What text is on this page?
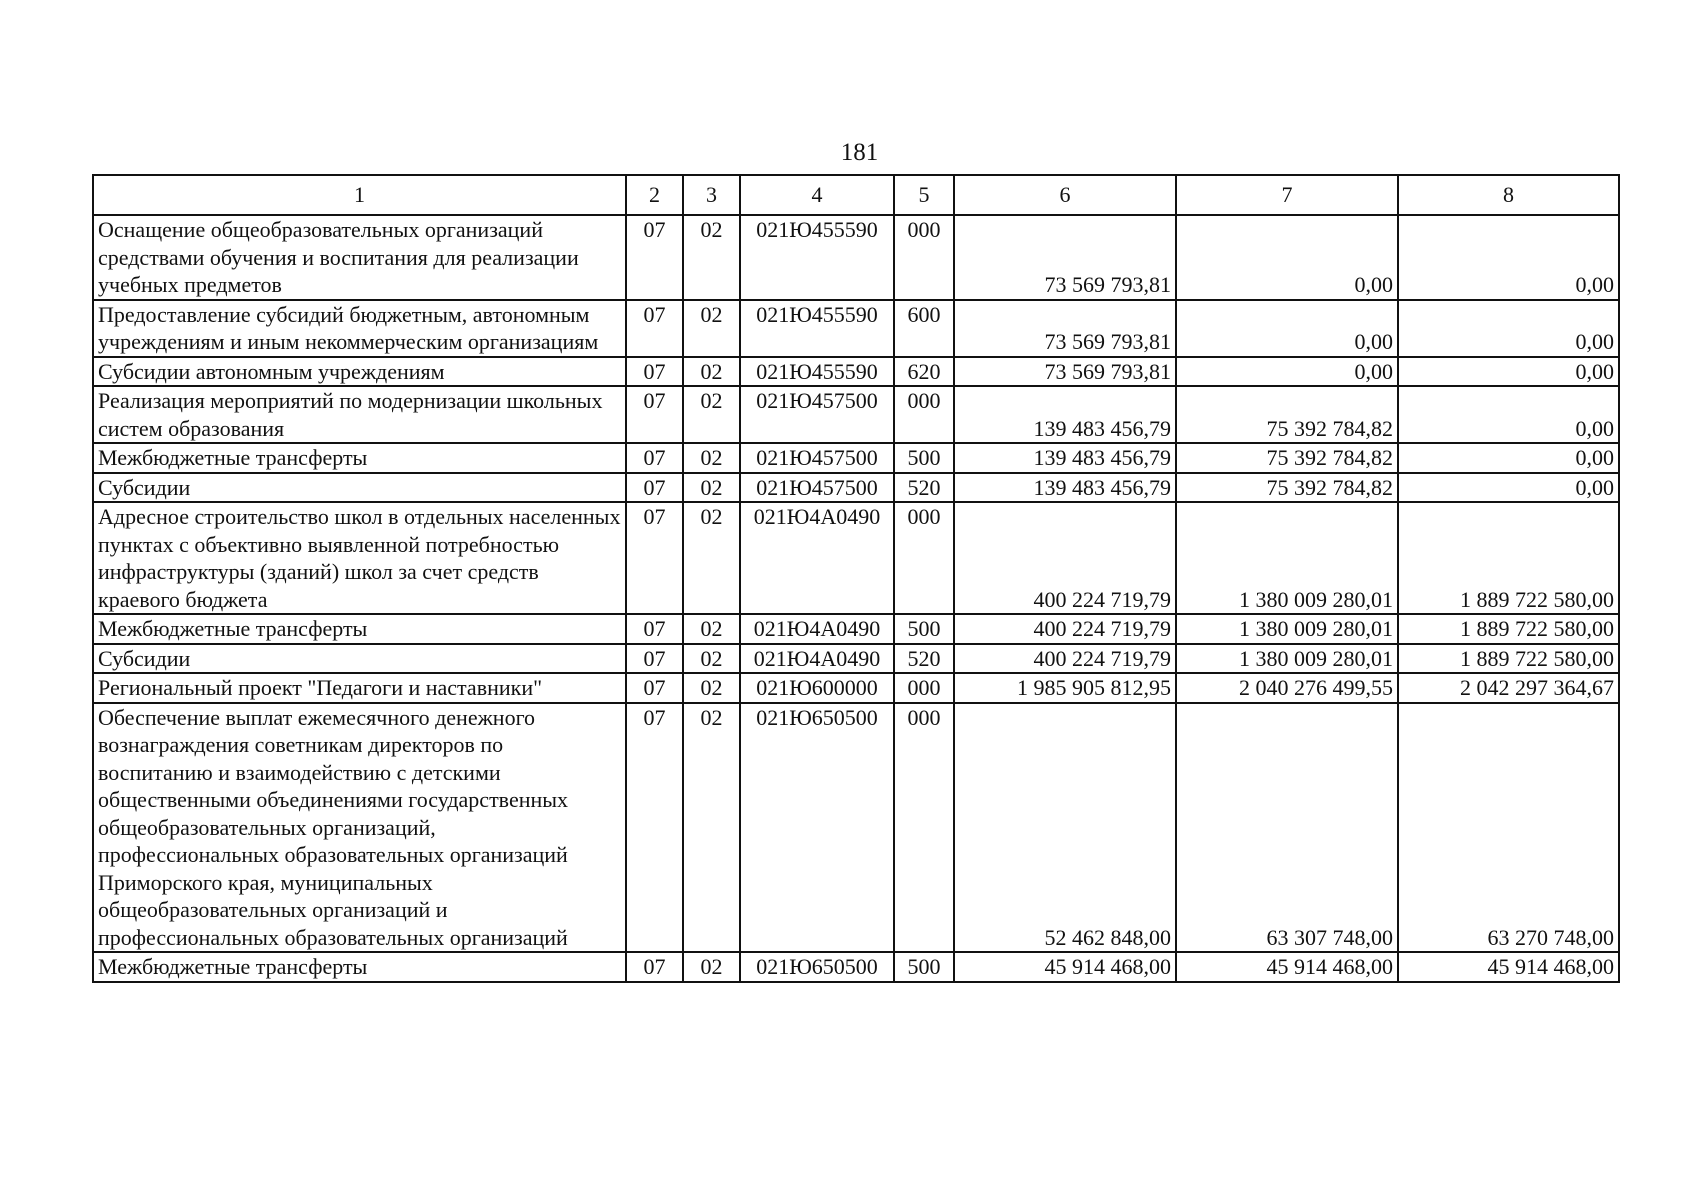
181
1	2	3	4	5	6	7	8
Оснащение общеобразовательных организаций средствами обучения и воспитания для реализации учебных предметов	07	02	021Ю455590	000	73 569 793,81	0,00	0,00
Предоставление субсидий бюджетным, автономным учреждениям и иным некоммерческим организациям	07	02	021Ю455590	600	73 569 793,81	0,00	0,00
Субсидии автономным учреждениям	07	02	021Ю455590	620	73 569 793,81	0,00	0,00
Реализация мероприятий по модернизации школьных систем образования	07	02	021Ю457500	000	139 483 456,79	75 392 784,82	0,00
Межбюджетные трансферты	07	02	021Ю457500	500	139 483 456,79	75 392 784,82	0,00
Субсидии	07	02	021Ю457500	520	139 483 456,79	75 392 784,82	0,00
Адресное строительство школ в отдельных населенных пунктах с объективно выявленной потребностью инфраструктуры (зданий) школ за счет средств краевого бюджета	07	02	021Ю4А0490	000	400 224 719,79	1 380 009 280,01	1 889 722 580,00
Межбюджетные трансферты	07	02	021Ю4А0490	500	400 224 719,79	1 380 009 280,01	1 889 722 580,00
Субсидии	07	02	021Ю4А0490	520	400 224 719,79	1 380 009 280,01	1 889 722 580,00
Региональный проект "Педагоги и наставники"	07	02	021Ю600000	000	1 985 905 812,95	2 040 276 499,55	2 042 297 364,67
Обеспечение выплат ежемесячного денежного вознаграждения советникам директоров по воспитанию и взаимодействию с детскими общественными объединениями государственных общеобразовательных организаций, профессиональных образовательных организаций Приморского края, муниципальных общеобразовательных организаций и профессиональных образовательных организаций	07	02	021Ю650500	000	52 462 848,00	63 307 748,00	63 270 748,00
Межбюджетные трансферты	07	02	021Ю650500	500	45 914 468,00	45 914 468,00	45 914 468,00
